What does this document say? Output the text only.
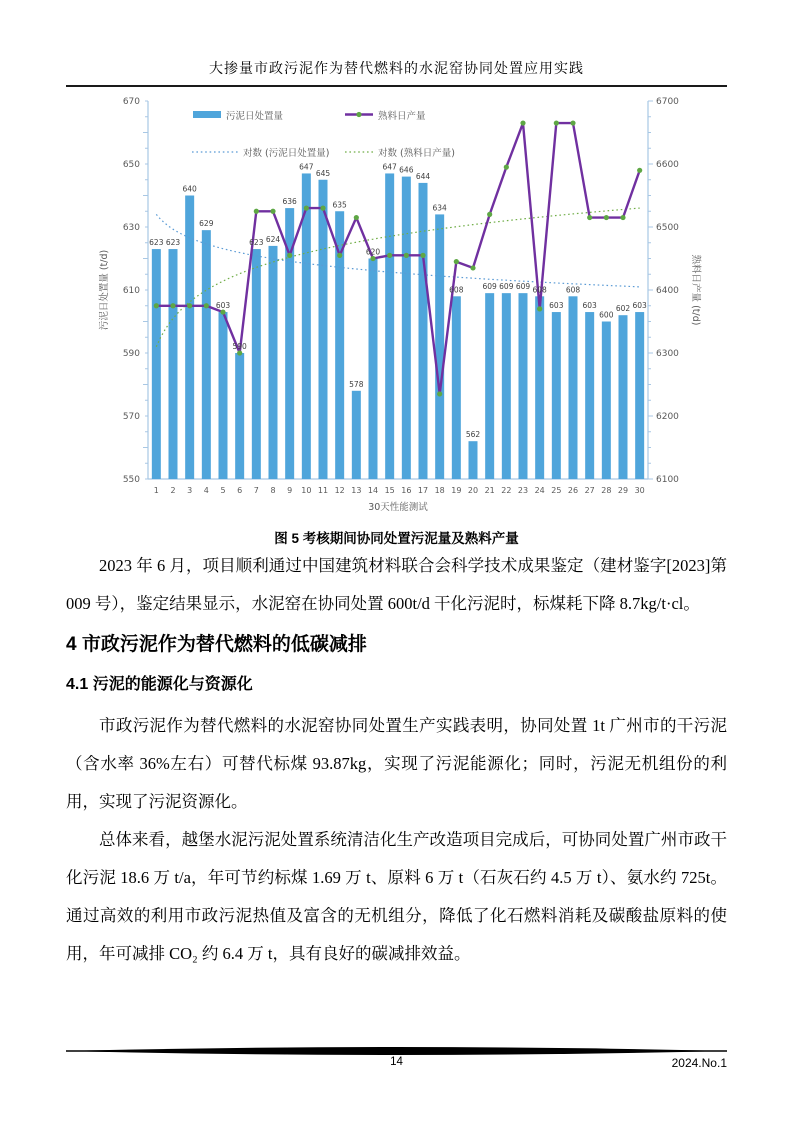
大掺量市政污泥作为替代燃料的水泥窑协同处置应用实践
550
570
590
610
630
650
670
6100
6200
6300
6400
6500
6600
6700
1 2 3 4 5 6 7 8 9 10 11 12 13 14 15 16 17 18 19 20 21 22 23 24 25 26 27 28 29 30
30天性能测试
污泥日处置量 (t/d)	熟料日产量 (t/d)
623 623
640
629
603
590
623 624
636
647
645
635
578
620
647 646
644
634
608
562
609 609 609 608
603
608
603
600
602 603
污泥日处置量	熟料日产量
对数 (污泥日处置量)	对数 (熟料日产量)
图 5 考核期间协同处置污泥量及熟料产量

2023 年 6 月，项目顺利通过中国建筑材料联合会科学技术成果鉴定（建材鉴字[2023]第 009 号），鉴定结果显示，水泥窑在协同处置 600t/d 干化污泥时，标煤耗下降 8.7kg/t·cl。

4 市政污泥作为替代燃料的低碳减排
4.1 污泥的能源化与资源化

市政污泥作为替代燃料的水泥窑协同处置生产实践表明，协同处置 1t 广州市的干污泥（含水率 36%左右）可替代标煤 93.87kg，实现了污泥能源化；同时，污泥无机组份的利用，实现了污泥资源化。

总体来看，越堡水泥污泥处置系统清洁化生产改造项目完成后，可协同处置广州市政干化污泥 18.6 万 t/a，年可节约标煤 1.69 万 t、原料 6 万 t（石灰石约 4.5 万 t）、氨水约 725t。通过高效的利用市政污泥热值及富含的无机组分，降低了化石燃料消耗及碳酸盐原料的使用，年可减排 CO₂ 约 6.4 万 t，具有良好的碳减排效益。

14	2024.No.1
